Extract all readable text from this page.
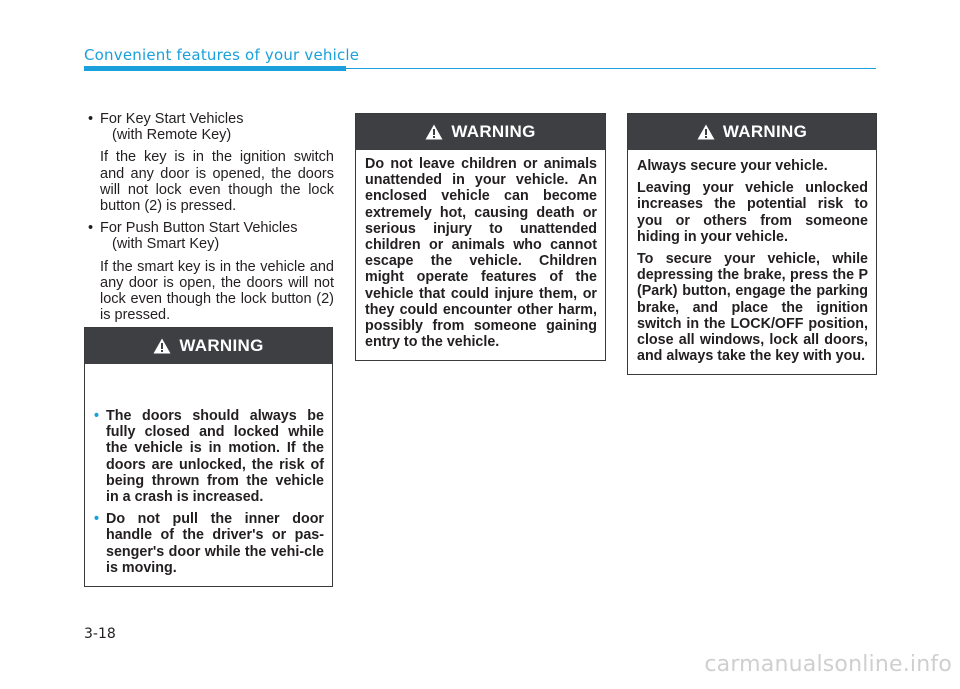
Convenient features of your vehicle
• For Key Start Vehicles
(with Remote Key)
If the key is in the ignition switch and any door is opened, the doors will not lock even though the lock button (2) is pressed.
• For Push Button Start Vehicles
(with Smart Key)
If the smart key is in the vehicle and any door is open, the doors will not lock even though the lock button (2) is pressed.
WARNING
• The doors should always be fully closed and locked while the vehicle is in motion. If the doors are unlocked, the risk of being thrown from the vehicle in a crash is increased.
• Do not pull the inner door handle of the driver's or pas-senger's door while the vehi-cle is moving.
WARNING

Do not leave children or animals unattended in your vehicle. An enclosed vehicle can become extremely hot, causing death or serious injury to unattended children or animals who cannot escape the vehicle. Children might operate features of the vehicle that could injure them, or they could encounter other harm, possibly from someone gaining entry to the vehicle.

WARNING

Always secure your vehicle.

Leaving your vehicle unlocked increases the potential risk to you or others from someone hiding in your vehicle.

To secure your vehicle, while depressing the brake, press the P (Park) button, engage the parking brake, and place the ignition switch in the LOCK/OFF position, close all windows, lock all doors, and always take the key with you.

3-18
carmanualsonline.info
